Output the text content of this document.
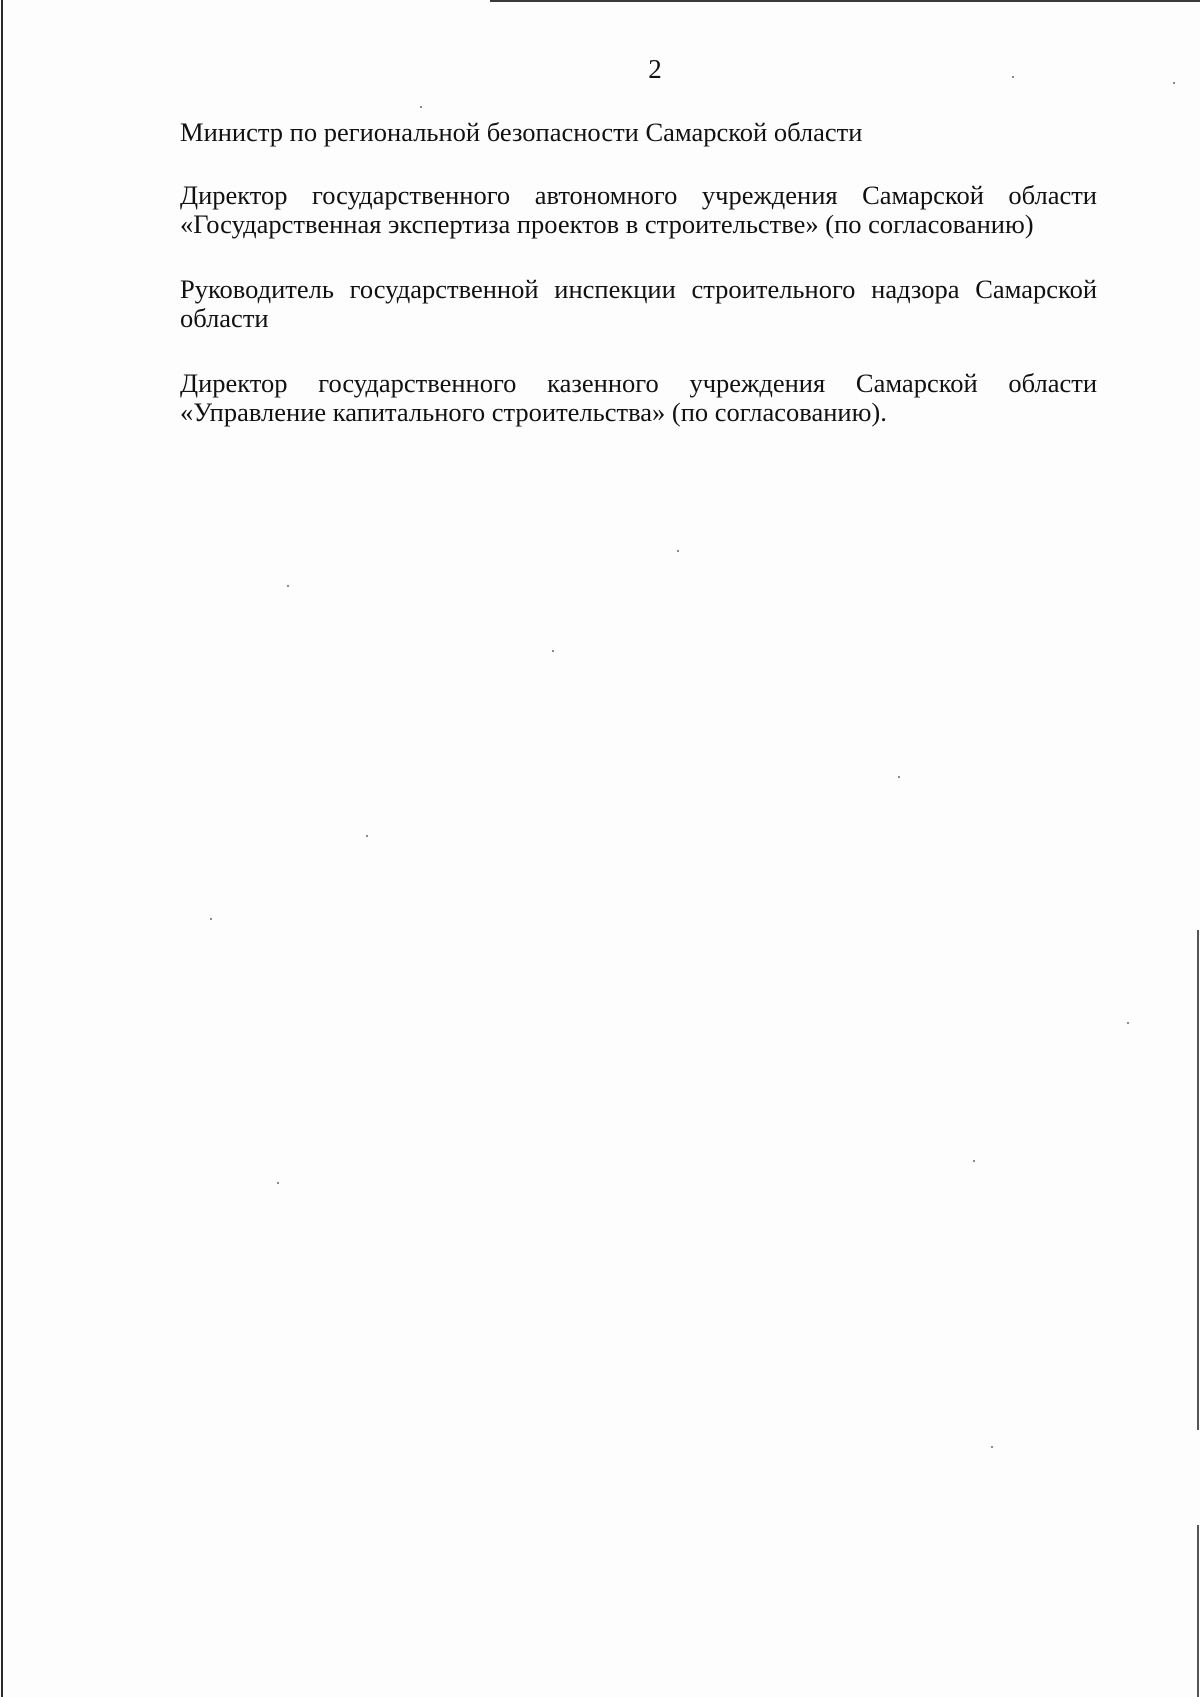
2

Министр по региональной безопасности Самарской области

Директор государственного автономного учреждения Самарской области «Государственная экспертиза проектов в строительстве» (по согласованию)

Руководитель государственной инспекции строительного надзора Самарской области

Директор государственного казенного учреждения Самарской области «Управление капитального строительства» (по согласованию).
